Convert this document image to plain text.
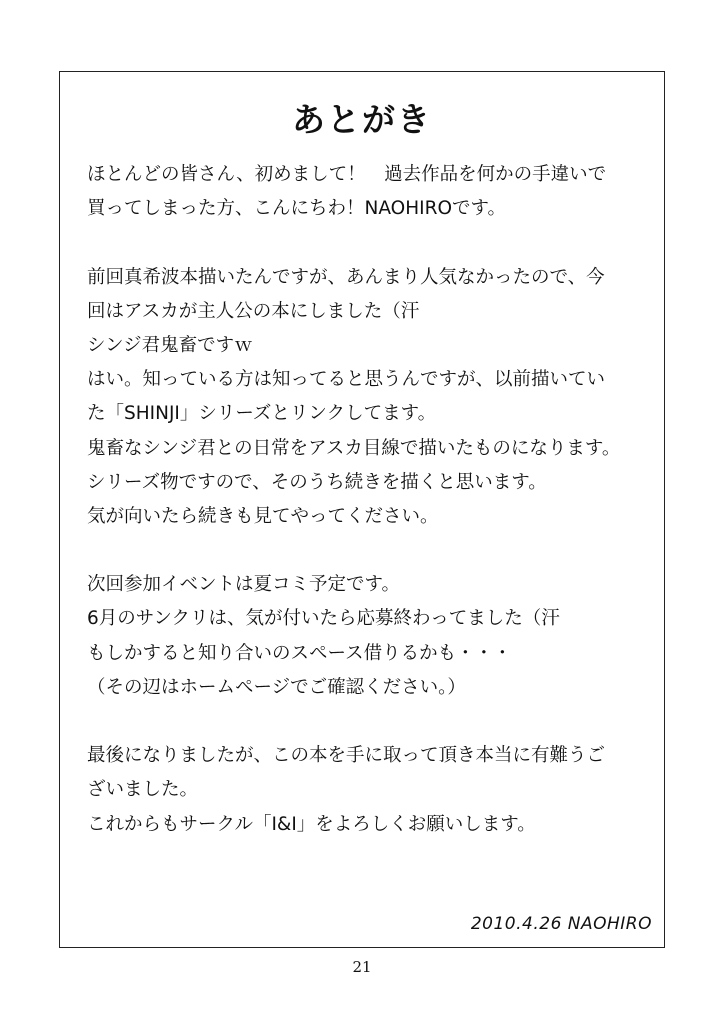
あとがき
ほとんどの皆さん、初めまして！　過去作品を何かの手違いで
買ってしまった方、こんにちわ！NAOHIROです。
前回真希波本描いたんですが、あんまり人気なかったので、今
回はアスカが主人公の本にしました（汗
シンジ君鬼畜ですｗ
はい。知っている方は知ってると思うんですが、以前描いてい
た「SHINJI」シリーズとリンクしてます。
鬼畜なシンジ君との日常をアスカ目線で描いたものになります。
シリーズ物ですので、そのうち続きを描くと思います。
気が向いたら続きも見てやってください。
次回参加イベントは夏コミ予定です。
6月のサンクリは、気が付いたら応募終わってました（汗
もしかすると知り合いのスペース借りるかも・・・
（その辺はホームページでご確認ください。）
最後になりましたが、この本を手に取って頂き本当に有難うご
ざいました。
これからもサークル「I&I」をよろしくお願いします。
2010.4.26 NAOHIRO
21
